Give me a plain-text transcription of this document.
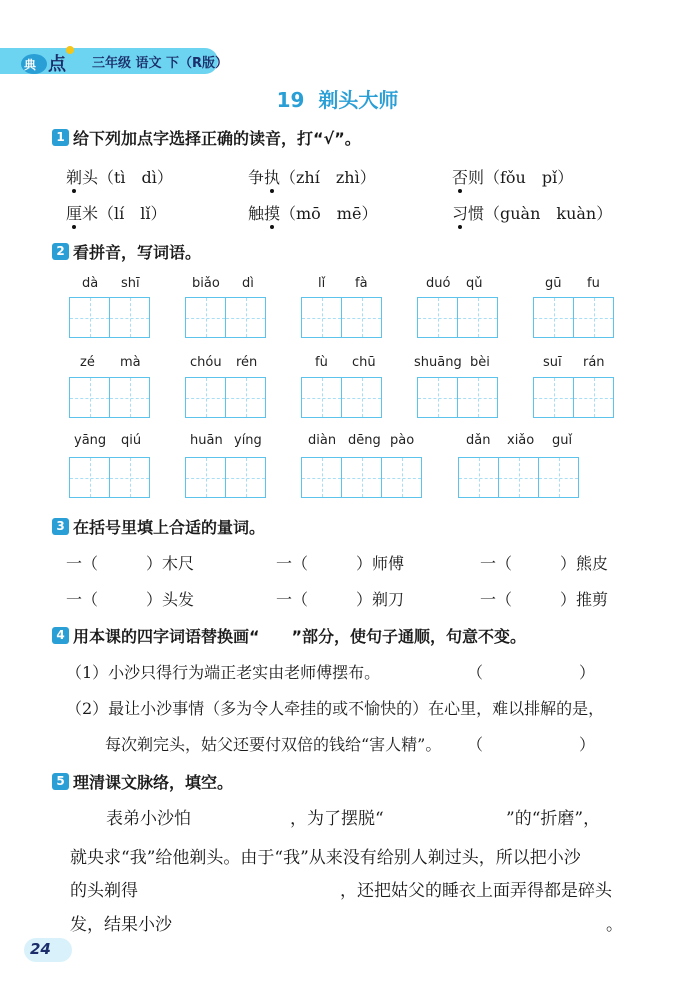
典 点 三年级 语文 下（R版）
19 剃头大师
1 给下列加点字选择正确的读音，打“√”。
剃头（tì　dì）	争执（zhí　zhì）	否则（fǒu　pǐ）
厘米（lí　lǐ）	触摸（mō　mē）	习惯（guàn　kuàn）
2 看拼音，写词语。
dà shī	biǎo dì	lǐ fà	duó qǔ	gū fu
zé mà	chóu rén	fù chū	shuāng bèi	suī rán
yāng qiú	huān yíng	diàn dēng pào	dǎn xiǎo guǐ
3 在括号里填上合适的量词。
一（　　　）木尺	一（　　　）师傅	一（　　　）熊皮
一（　　　）头发	一（　　　）剃刀	一（　　　）推剪
4 用本课的四字词语替换画“　　”部分，使句子通顺，句意不变。
（1）小沙只得行为端正老实由老师傅摆布。	（　　　　　　）
（2）最让小沙事情（多为令人牵挂的或不愉快的）在心里，难以排解的是，
每次剃完头，姑父还要付双倍的钱给“害人精”。 （　　　　　　）
5 理清课文脉络，填空。
表弟小沙怕	，为了摆脱“	”的“折磨”，
就央求“我”给他剃头。由于“我”从来没有给别人剃过头，所以把小沙
的头剃得	，还把姑父的睡衣上面弄得都是碎头
发，结果小沙	。
24
